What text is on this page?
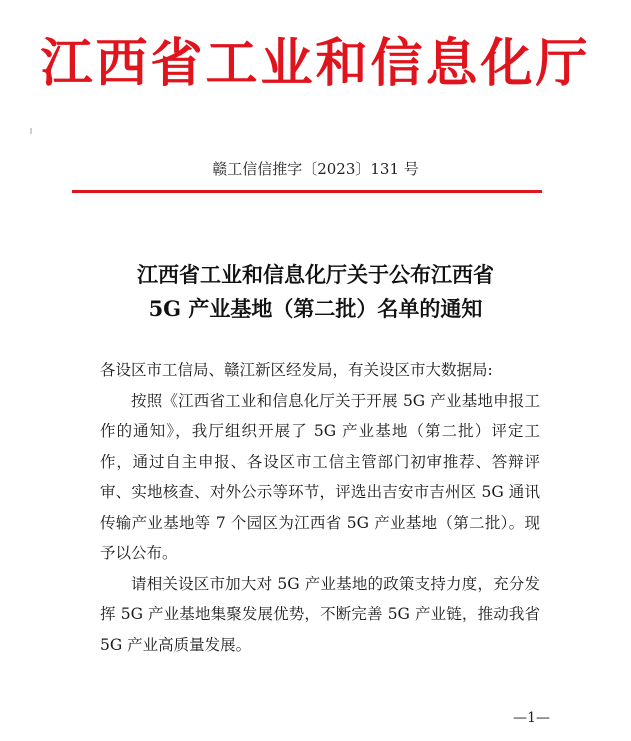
江西省工业和信息化厅
赣工信信推字〔2023〕131 号
江西省工业和信息化厅关于公布江西省
5G 产业基地（第二批）名单的通知

各设区市工信局、赣江新区经发局，有关设区市大数据局:

按照《江西省工业和信息化厅关于开展 5G 产业基地申报工作的通知》，我厅组织开展了 5G 产业基地（第二批）评定工作，通过自主申报、各设区市工信主管部门初审推荐、答辩评审、实地核查、对外公示等环节，评选出吉安市吉州区 5G 通讯传输产业基地等 7 个园区为江西省 5G 产业基地（第二批）。现予以公布。

请相关设区市加大对 5G 产业基地的政策支持力度，充分发挥 5G 产业基地集聚发展优势，不断完善 5G 产业链，推动我省 5G 产业高质量发展。

—1—
